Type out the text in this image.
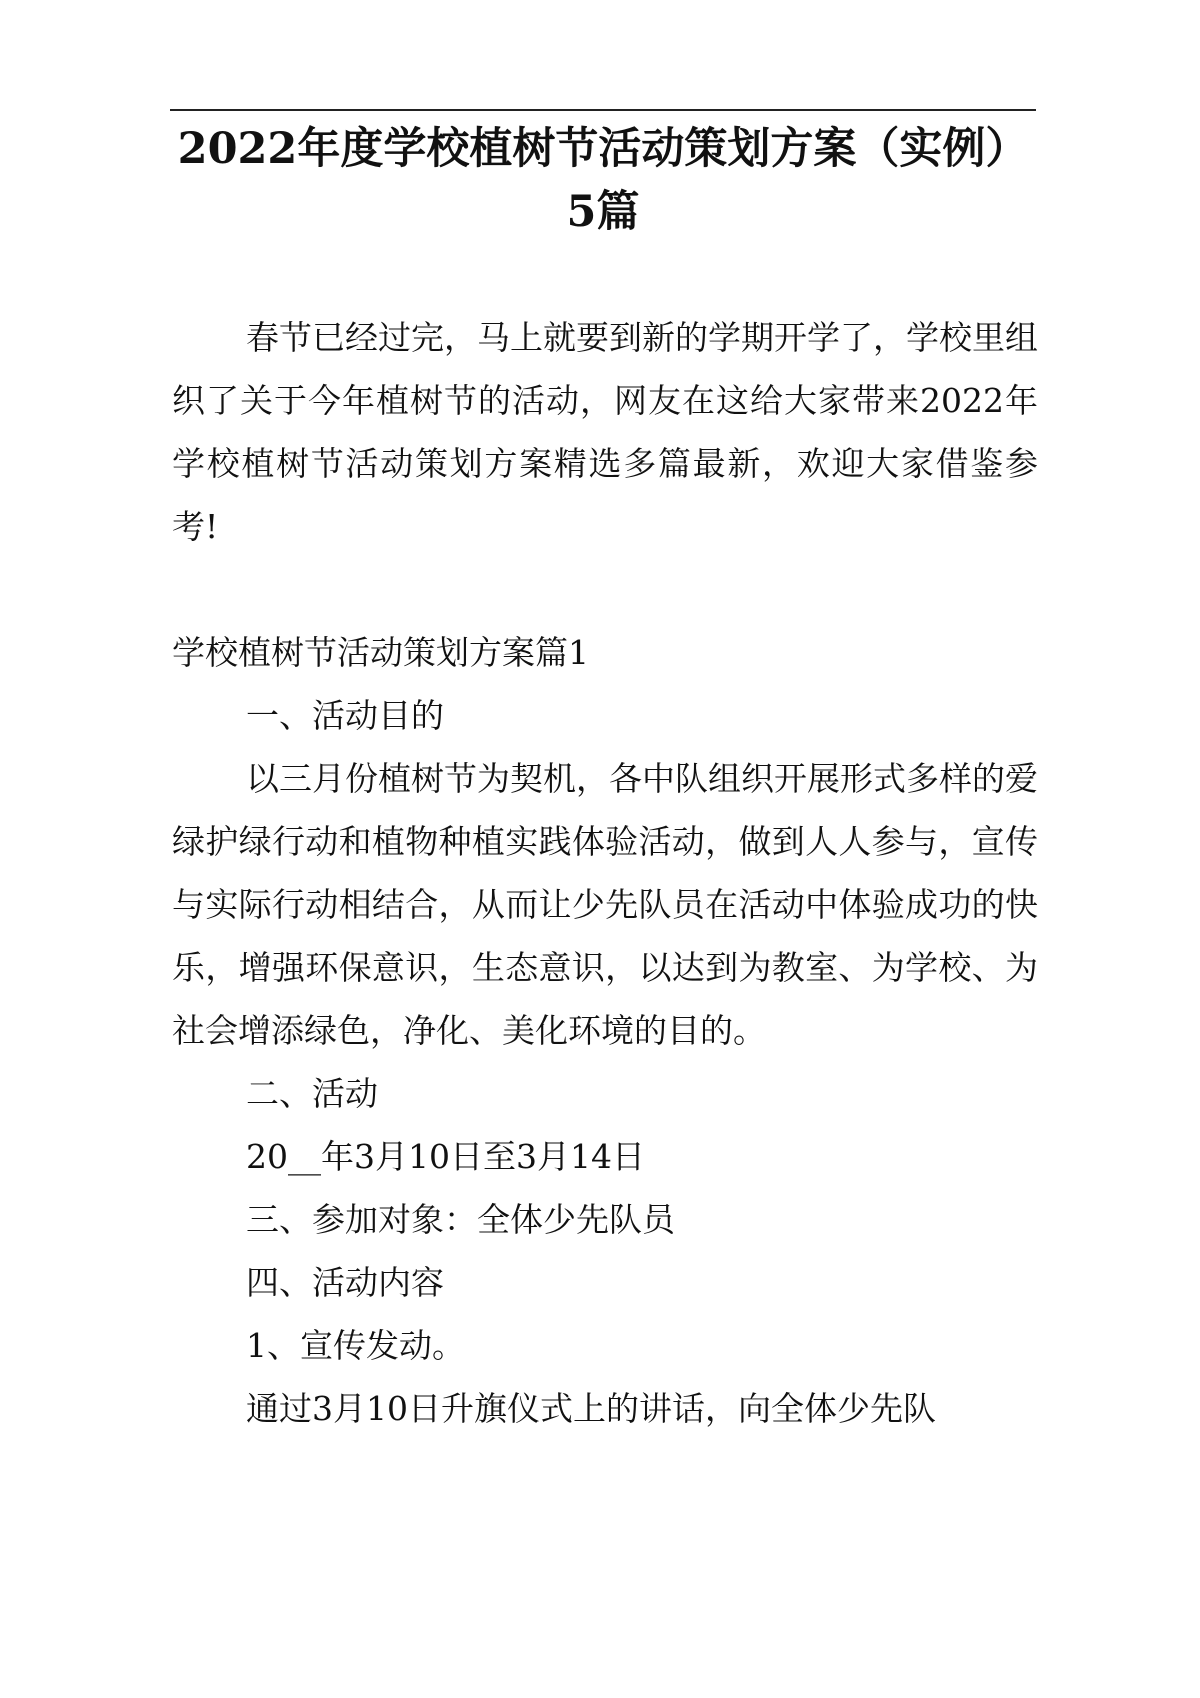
2022年度学校植树节活动策划方案（实例）5篇

春节已经过完，马上就要到新的学期开学了，学校里组织了关于今年植树节的活动，网友在这给大家带来2022年学校植树节活动策划方案精选多篇最新，欢迎大家借鉴参考!

学校植树节活动策划方案篇1

一、活动目的

以三月份植树节为契机，各中队组织开展形式多样的爱绿护绿行动和植物种植实践体验活动，做到人人参与，宣传与实际行动相结合，从而让少先队员在活动中体验成功的快乐，增强环保意识，生态意识，以达到为教室、为学校、为社会增添绿色，净化、美化环境的目的。

二、活动

20__年3月10日至3月14日

三、参加对象：全体少先队员

四、活动内容

1、宣传发动。

通过3月10日升旗仪式上的讲话，向全体少先队
